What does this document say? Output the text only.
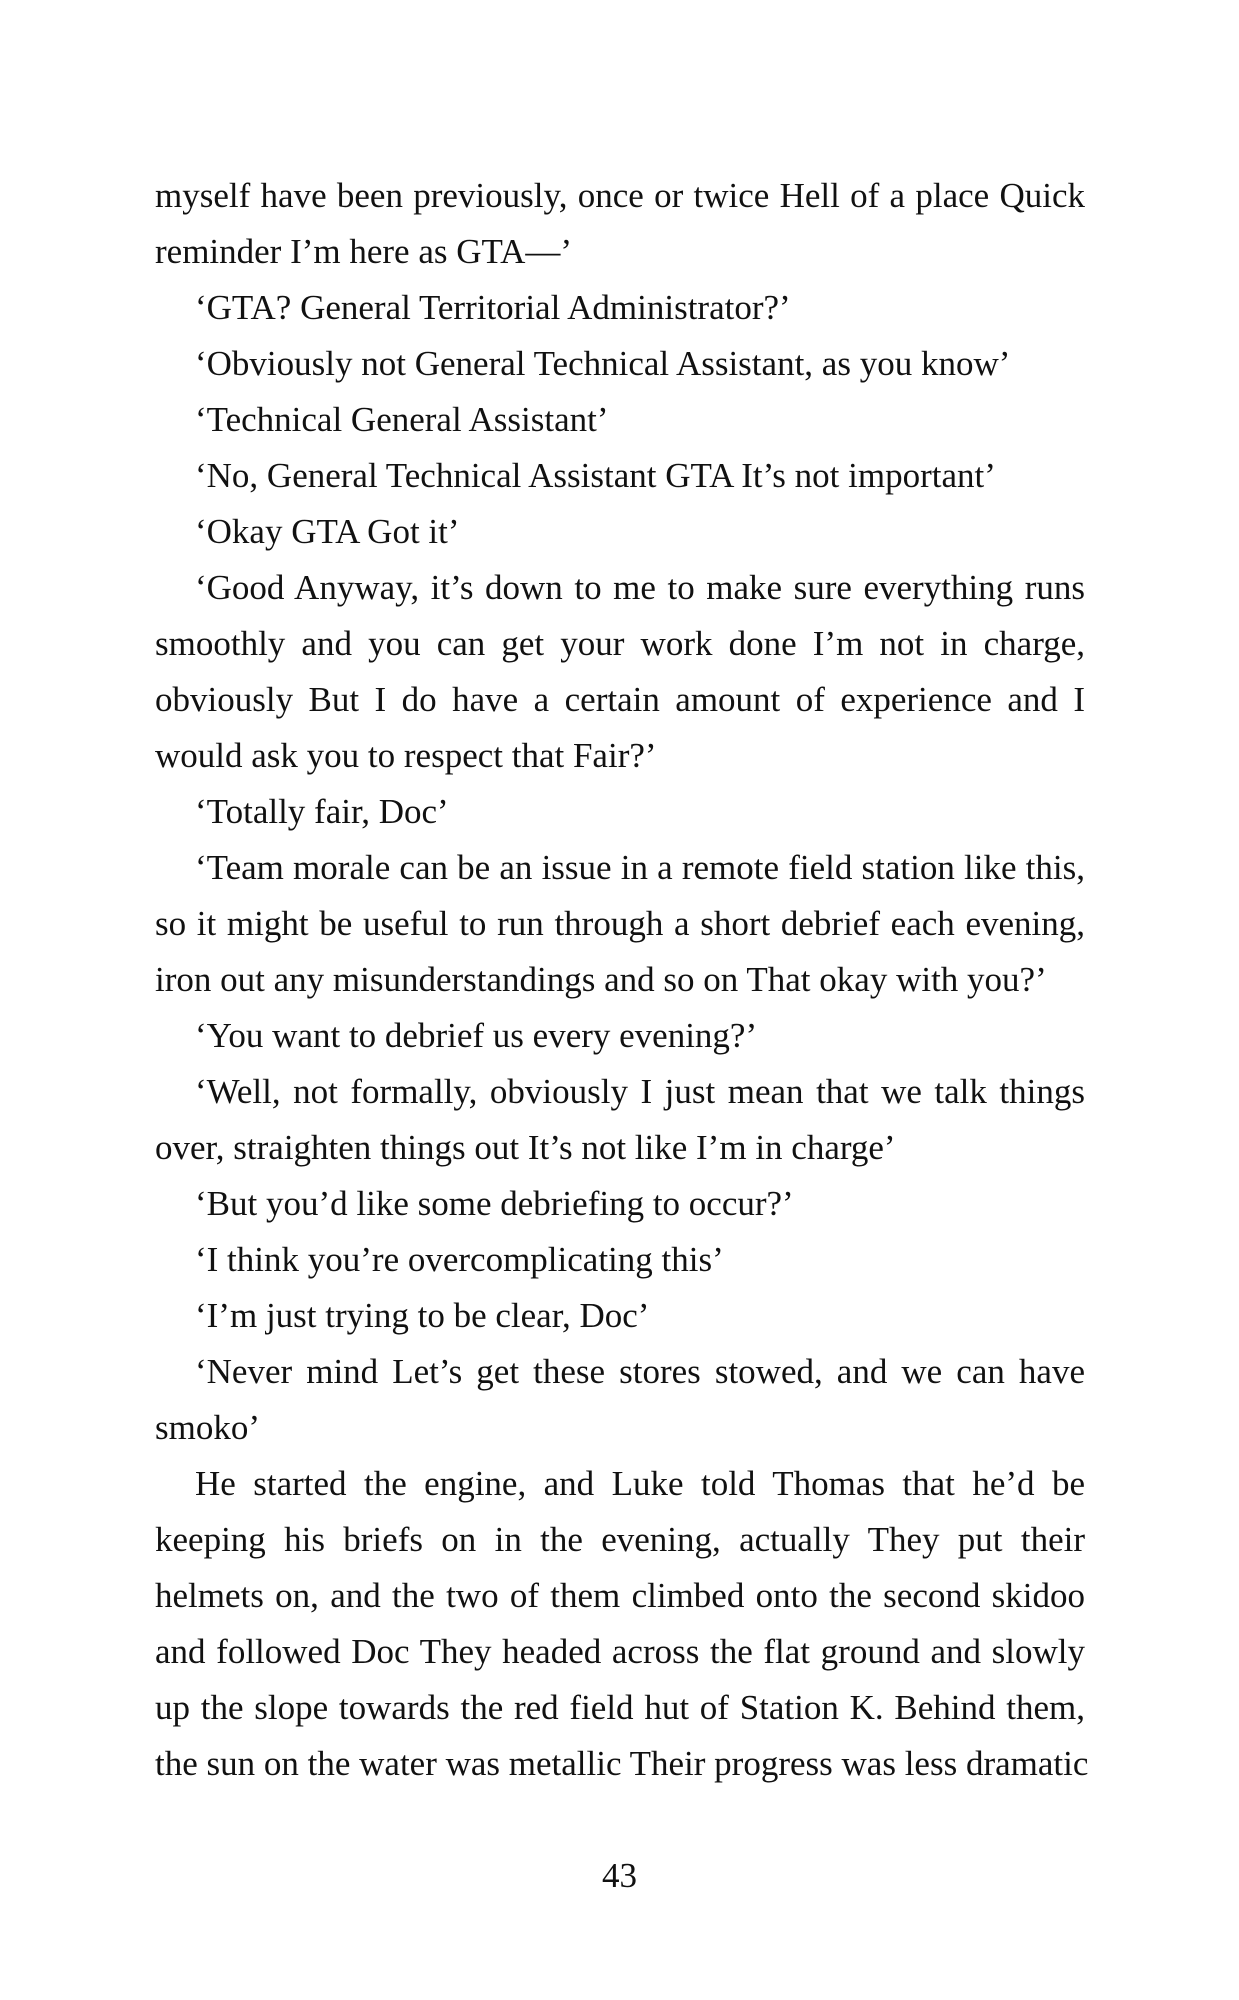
myself have been previously, once or twice Hell of a place Quick
reminder I’m here as GTA—’
‘GTA? General Territorial Administrator?’
‘Obviously not General Technical Assistant, as you know’
‘Technical General Assistant’
‘No, General Technical Assistant GTA It’s not important’
‘Okay GTA Got it’
‘Good Anyway, it’s down to me to make sure everything runs
smoothly and you can get your work done I’m not in charge,
obviously But I do have a certain amount of experience and I
would ask you to respect that Fair?’
‘Totally fair, Doc’
‘Team morale can be an issue in a remote field station like this,
so it might be useful to run through a short debrief each evening,
iron out any misunderstandings and so on That okay with you?’
‘You want to debrief us every evening?’
‘Well, not formally, obviously I just mean that we talk things
over, straighten things out It’s not like I’m in charge’
‘But you’d like some debriefing to occur?’
‘I think you’re overcomplicating this’
‘I’m just trying to be clear, Doc’
‘Never mind Let’s get these stores stowed, and we can have
smoko’
He started the engine, and Luke told Thomas that he’d be
keeping his briefs on in the evening, actually They put their
helmets on, and the two of them climbed onto the second skidoo
and followed Doc They headed across the flat ground and slowly
up the slope towards the red field hut of Station K. Behind them,
the sun on the water was metallic Their progress was less dramatic
43
